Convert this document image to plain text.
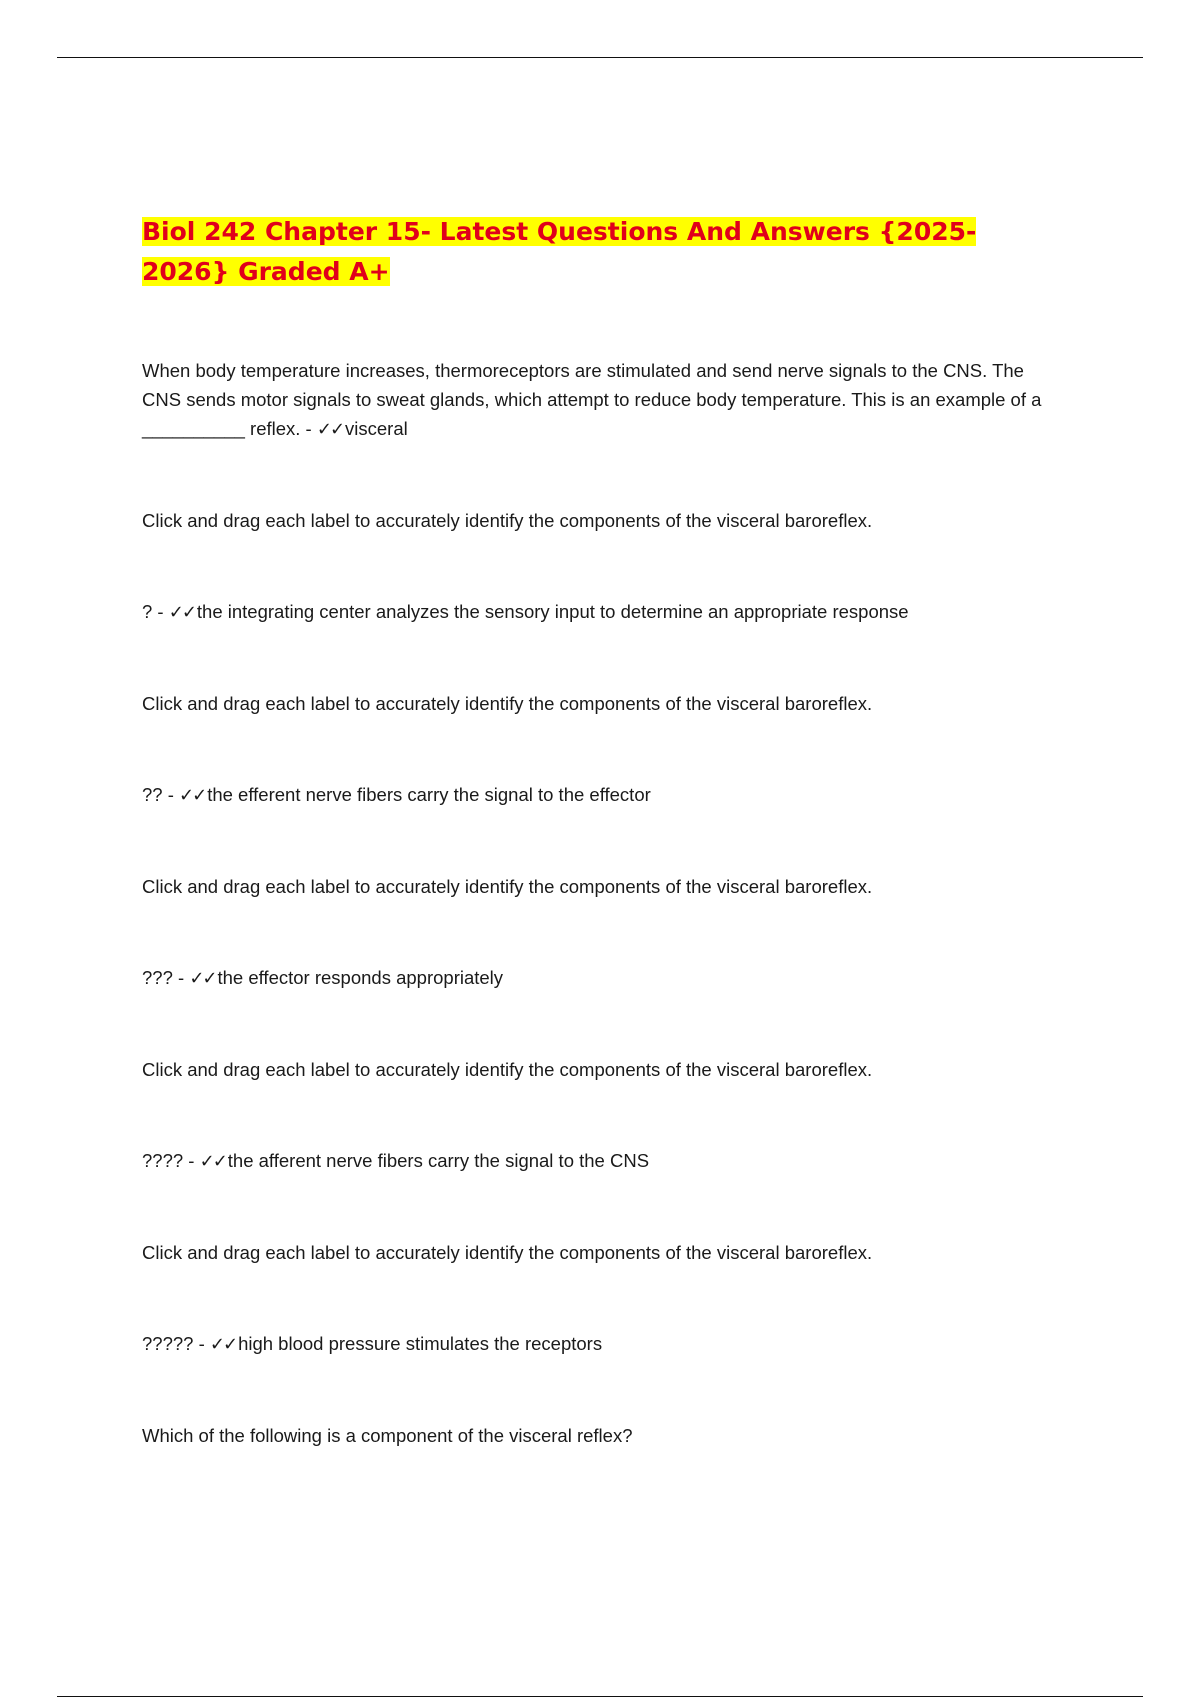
Biol 242 Chapter 15- Latest Questions And Answers {2025-2026} Graded A+

When body temperature increases, thermoreceptors are stimulated and send nerve signals to the CNS. The CNS sends motor signals to sweat glands, which attempt to reduce body temperature. This is an example of a __________ reflex. - ✓✓ visceral

Click and drag each label to accurately identify the components of the visceral baroreflex.

? - ✓✓ the integrating center analyzes the sensory input to determine an appropriate response

Click and drag each label to accurately identify the components of the visceral baroreflex.

?? - ✓✓ the efferent nerve fibers carry the signal to the effector

Click and drag each label to accurately identify the components of the visceral baroreflex.

??? - ✓✓ the effector responds appropriately

Click and drag each label to accurately identify the components of the visceral baroreflex.

???? - ✓✓ the afferent nerve fibers carry the signal to the CNS

Click and drag each label to accurately identify the components of the visceral baroreflex.

????? - ✓✓ high blood pressure stimulates the receptors

Which of the following is a component of the visceral reflex?
